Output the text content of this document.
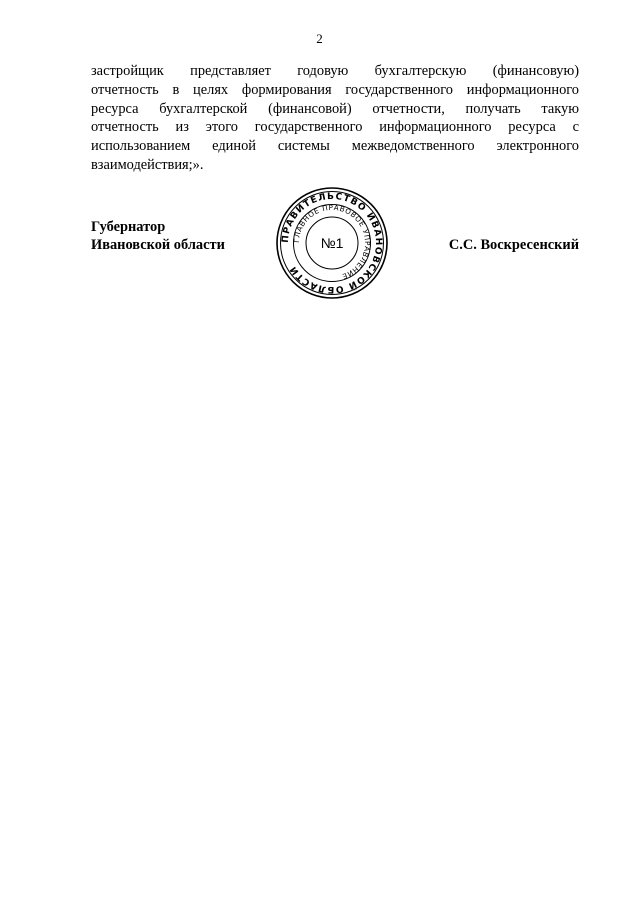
2
застройщик представляет годовую бухгалтерскую (финансовую)
отчетность в целях формирования государственного информационного
ресурса бухгалтерской (финансовой) отчетности, получать такую
отчетность из этого государственного информационного ресурса с
использованием единой системы межведомственного электронного
взаимодействия;».
Губернатор
Ивановской области	ПРАВИТЕЛЬСТВО ИВАНОВСКОЙ ОБЛАСТИ
ГЛАВНОЕ ПРАВОВОЕ УПРАВЛЕНИЕ
№1	С.С. Воскресенский
